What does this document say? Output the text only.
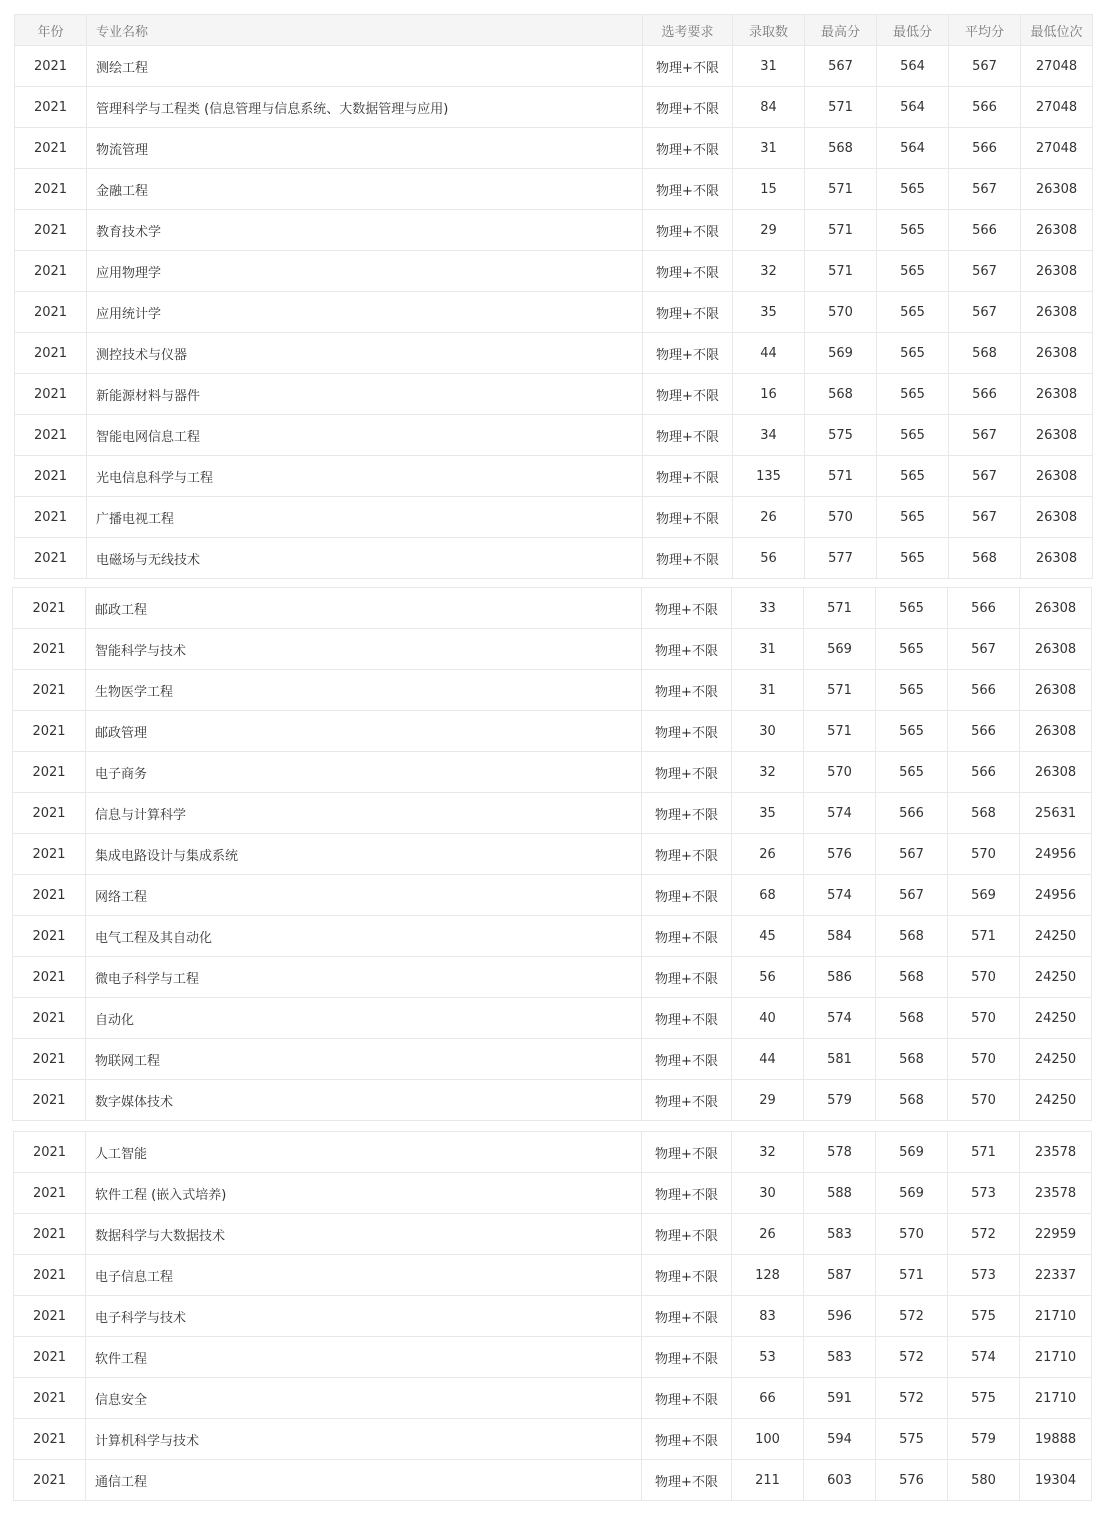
年份	专业名称	选考要求	录取数	最高分	最低分	平均分	最低位次
2021	测绘工程	物理+不限	31	567	564	567	27048
2021	管理科学与工程类 (信息管理与信息系统、大数据管理与应用)	物理+不限	84	571	564	566	27048
2021	物流管理	物理+不限	31	568	564	566	27048
2021	金融工程	物理+不限	15	571	565	567	26308
2021	教育技术学	物理+不限	29	571	565	566	26308
2021	应用物理学	物理+不限	32	571	565	567	26308
2021	应用统计学	物理+不限	35	570	565	567	26308
2021	测控技术与仪器	物理+不限	44	569	565	568	26308
2021	新能源材料与器件	物理+不限	16	568	565	566	26308
2021	智能电网信息工程	物理+不限	34	575	565	567	26308
2021	光电信息科学与工程	物理+不限	135	571	565	567	26308
2021	广播电视工程	物理+不限	26	570	565	567	26308
2021	电磁场与无线技术	物理+不限	56	577	565	568	26308
2021	邮政工程	物理+不限	33	571	565	566	26308
2021	智能科学与技术	物理+不限	31	569	565	567	26308
2021	生物医学工程	物理+不限	31	571	565	566	26308
2021	邮政管理	物理+不限	30	571	565	566	26308
2021	电子商务	物理+不限	32	570	565	566	26308
2021	信息与计算科学	物理+不限	35	574	566	568	25631
2021	集成电路设计与集成系统	物理+不限	26	576	567	570	24956
2021	网络工程	物理+不限	68	574	567	569	24956
2021	电气工程及其自动化	物理+不限	45	584	568	571	24250
2021	微电子科学与工程	物理+不限	56	586	568	570	24250
2021	自动化	物理+不限	40	574	568	570	24250
2021	物联网工程	物理+不限	44	581	568	570	24250
2021	数字媒体技术	物理+不限	29	579	568	570	24250
2021	人工智能	物理+不限	32	578	569	571	23578
2021	软件工程 (嵌入式培养)	物理+不限	30	588	569	573	23578
2021	数据科学与大数据技术	物理+不限	26	583	570	572	22959
2021	电子信息工程	物理+不限	128	587	571	573	22337
2021	电子科学与技术	物理+不限	83	596	572	575	21710
2021	软件工程	物理+不限	53	583	572	574	21710
2021	信息安全	物理+不限	66	591	572	575	21710
2021	计算机科学与技术	物理+不限	100	594	575	579	19888
2021	通信工程	物理+不限	211	603	576	580	19304
